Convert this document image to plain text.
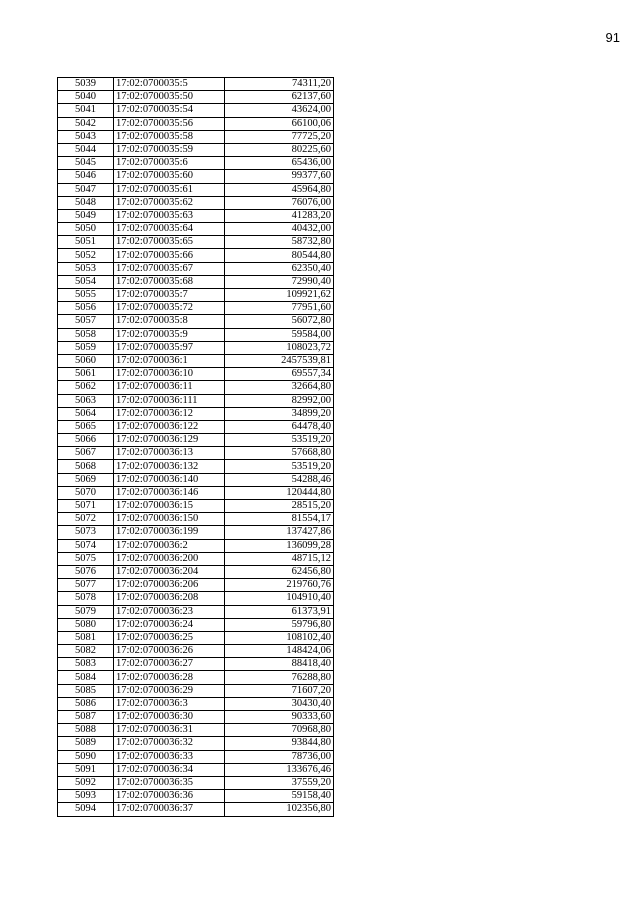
91
5039	17:02:0700035:5	74311,20
5040	17:02:0700035:50	62137,60
5041	17:02:0700035:54	43624,00
5042	17:02:0700035:56	66100,06
5043	17:02:0700035:58	77725,20
5044	17:02:0700035:59	80225,60
5045	17:02:0700035:6	65436,00
5046	17:02:0700035:60	99377,60
5047	17:02:0700035:61	45964,80
5048	17:02:0700035:62	76076,00
5049	17:02:0700035:63	41283,20
5050	17:02:0700035:64	40432,00
5051	17:02:0700035:65	58732,80
5052	17:02:0700035:66	80544,80
5053	17:02:0700035:67	62350,40
5054	17:02:0700035:68	72990,40
5055	17:02:0700035:7	109921,62
5056	17:02:0700035:72	77951,60
5057	17:02:0700035:8	56072,80
5058	17:02:0700035:9	59584,00
5059	17:02:0700035:97	108023,72
5060	17:02:0700036:1	2457539,81
5061	17:02:0700036:10	69557,34
5062	17:02:0700036:11	32664,80
5063	17:02:0700036:111	82992,00
5064	17:02:0700036:12	34899,20
5065	17:02:0700036:122	64478,40
5066	17:02:0700036:129	53519,20
5067	17:02:0700036:13	57668,80
5068	17:02:0700036:132	53519,20
5069	17:02:0700036:140	54288,46
5070	17:02:0700036:146	120444,80
5071	17:02:0700036:15	28515,20
5072	17:02:0700036:150	81554,17
5073	17:02:0700036:199	137427,86
5074	17:02:0700036:2	136099,28
5075	17:02:0700036:200	48715,12
5076	17:02:0700036:204	62456,80
5077	17:02:0700036:206	219760,76
5078	17:02:0700036:208	104910,40
5079	17:02:0700036:23	61373,91
5080	17:02:0700036:24	59796,80
5081	17:02:0700036:25	108102,40
5082	17:02:0700036:26	148424,06
5083	17:02:0700036:27	88418,40
5084	17:02:0700036:28	76288,80
5085	17:02:0700036:29	71607,20
5086	17:02:0700036:3	30430,40
5087	17:02:0700036:30	90333,60
5088	17:02:0700036:31	70968,80
5089	17:02:0700036:32	93844,80
5090	17:02:0700036:33	78736,00
5091	17:02:0700036:34	133676,46
5092	17:02:0700036:35	37559,20
5093	17:02:0700036:36	59158,40
5094	17:02:0700036:37	102356,80
